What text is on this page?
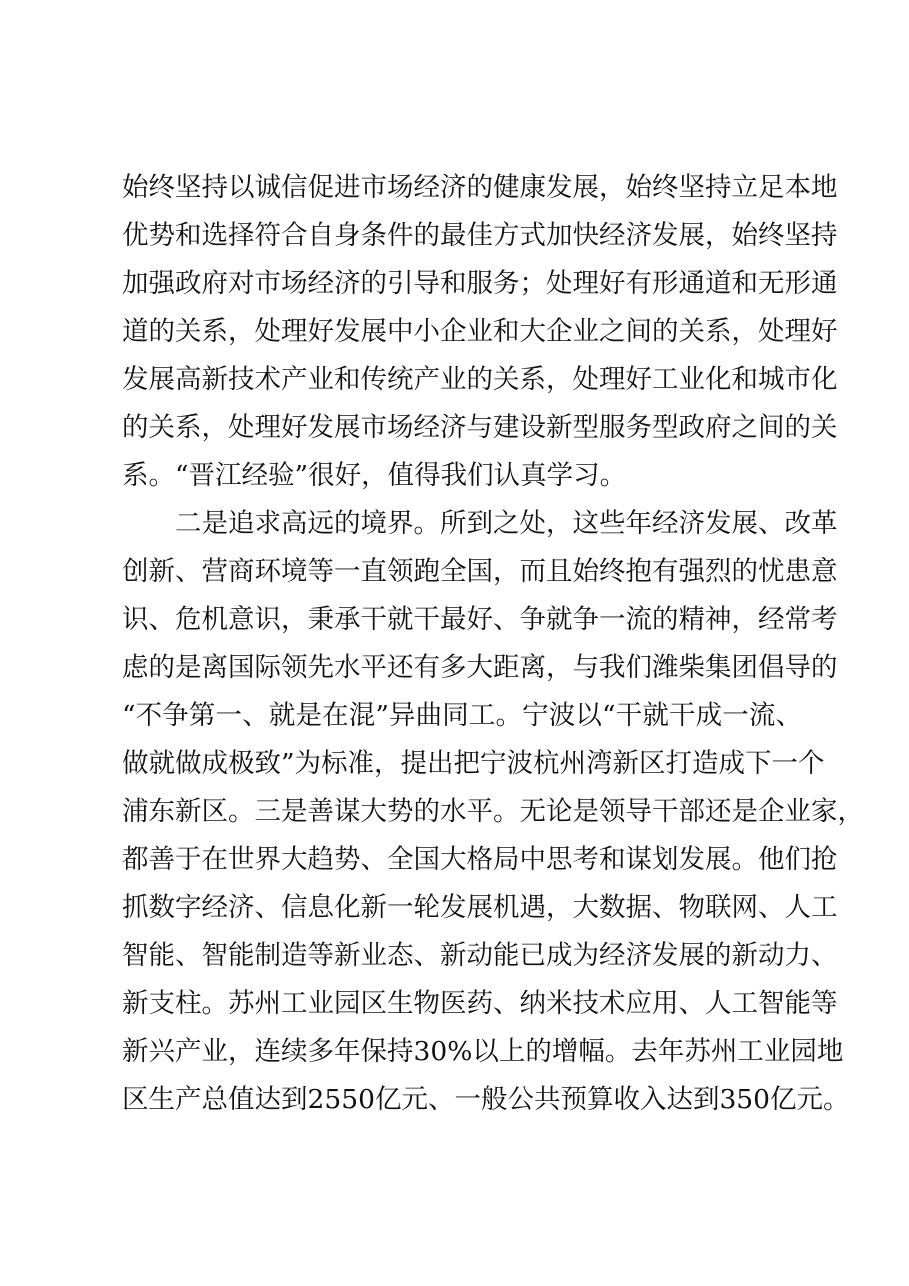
始终坚持以诚信促进市场经济的健康发展，始终坚持立足本地
优势和选择符合自身条件的最佳方式加快经济发展，始终坚持
加强政府对市场经济的引导和服务；处理好有形通道和无形通
道的关系，处理好发展中小企业和大企业之间的关系，处理好
发展高新技术产业和传统产业的关系，处理好工业化和城市化
的关系，处理好发展市场经济与建设新型服务型政府之间的关
系。“晋江经验”很好，值得我们认真学习。
二是追求高远的境界。所到之处，这些年经济发展、改革
创新、营商环境等一直领跑全国，而且始终抱有强烈的忧患意
识、危机意识，秉承干就干最好、争就争一流的精神，经常考
虑的是离国际领先水平还有多大距离，与我们潍柴集团倡导的
“不争第一、就是在混”异曲同工。宁波以“干就干成一流、
做就做成极致”为标准，提出把宁波杭州湾新区打造成下一个
浦东新区。三是善谋大势的水平。无论是领导干部还是企业家，
都善于在世界大趋势、全国大格局中思考和谋划发展。他们抢
抓数字经济、信息化新一轮发展机遇，大数据、物联网、人工
智能、智能制造等新业态、新动能已成为经济发展的新动力、
新支柱。苏州工业园区生物医药、纳米技术应用、人工智能等
新兴产业，连续多年保持30%以上的增幅。去年苏州工业园地
区生产总值达到2550亿元、一般公共预算收入达到350亿元。
